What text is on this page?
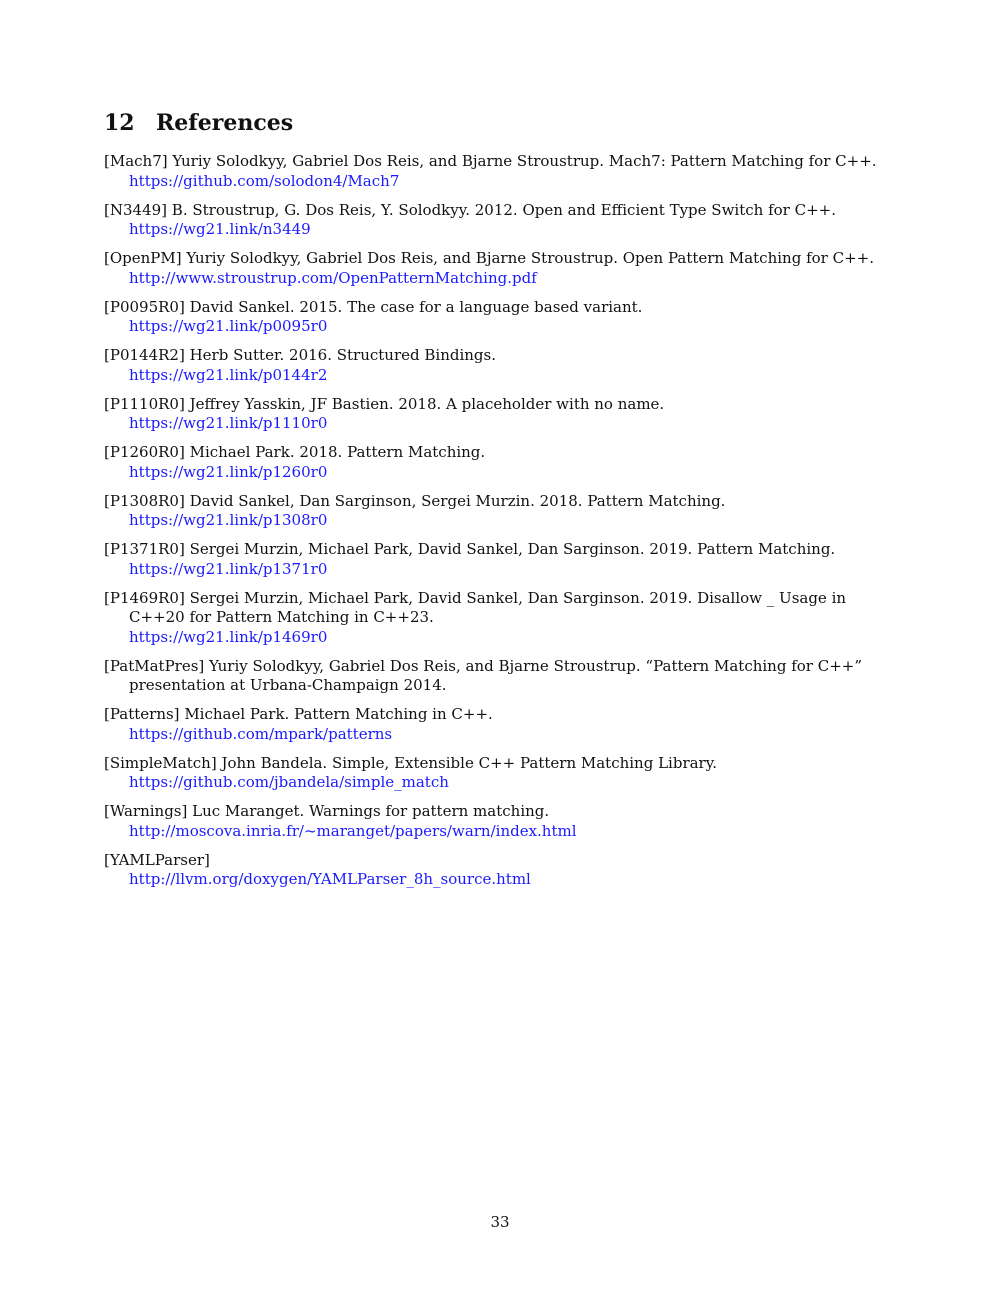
12 References
[Mach7] Yuriy Solodkyy, Gabriel Dos Reis, and Bjarne Stroustrup. Mach7: Pattern Matching for C++.
https://github.com/solodon4/Mach7
[N3449] B. Stroustrup, G. Dos Reis, Y. Solodkyy. 2012. Open and Efficient Type Switch for C++.
https://wg21.link/n3449
[OpenPM] Yuriy Solodkyy, Gabriel Dos Reis, and Bjarne Stroustrup. Open Pattern Matching for C++.
http://www.stroustrup.com/OpenPatternMatching.pdf
[P0095R0] David Sankel. 2015. The case for a language based variant.
https://wg21.link/p0095r0
[P0144R2] Herb Sutter. 2016. Structured Bindings.
https://wg21.link/p0144r2
[P1110R0] Jeffrey Yasskin, JF Bastien. 2018. A placeholder with no name.
https://wg21.link/p1110r0
[P1260R0] Michael Park. 2018. Pattern Matching.
https://wg21.link/p1260r0
[P1308R0] David Sankel, Dan Sarginson, Sergei Murzin. 2018. Pattern Matching.
https://wg21.link/p1308r0
[P1371R0] Sergei Murzin, Michael Park, David Sankel, Dan Sarginson. 2019. Pattern Matching.
https://wg21.link/p1371r0
[P1469R0] Sergei Murzin, Michael Park, David Sankel, Dan Sarginson. 2019. Disallow _ Usage in C++20 for Pattern Matching in C++23.
https://wg21.link/p1469r0
[PatMatPres] Yuriy Solodkyy, Gabriel Dos Reis, and Bjarne Stroustrup. “Pattern Matching for C++” presentation at Urbana-Champaign 2014.
[Patterns] Michael Park. Pattern Matching in C++.
https://github.com/mpark/patterns
[SimpleMatch] John Bandela. Simple, Extensible C++ Pattern Matching Library.
https://github.com/jbandela/simple_match
[Warnings] Luc Maranget. Warnings for pattern matching.
http://moscova.inria.fr/~maranget/papers/warn/index.html
[YAMLParser]
http://llvm.org/doxygen/YAMLParser_8h_source.html
33
